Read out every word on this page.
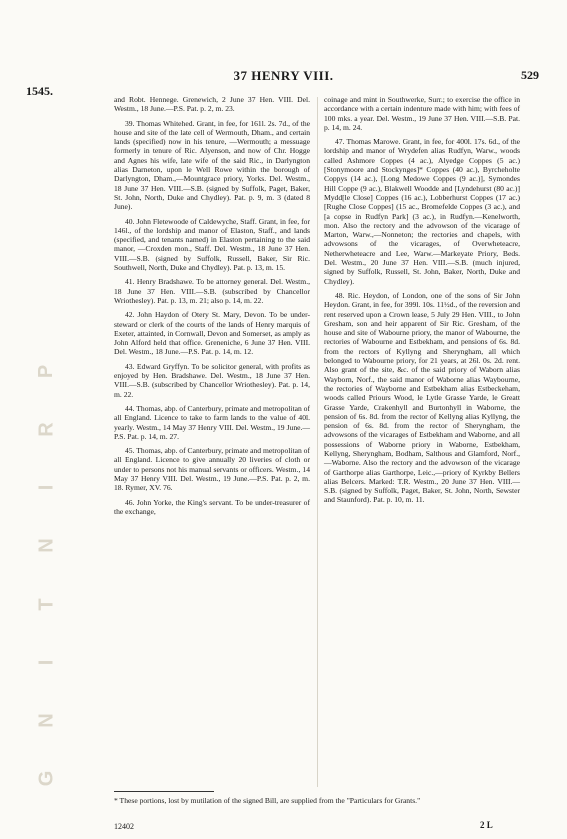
37 HENRY VIII.	529
1545.
P
R
I
N
T
I
N
G

and Robt. Hennege. Grenewich, 2 June 37 Hen. VIII. Del. Westm., 18 June.—P.S. Pat. p. 2, m. 23.

39. Thomas Whitehed. Grant, in fee, for 161l. 2s. 7d., of the house and site of the late cell of Wermouth, Dham., and certain lands (specified) now in his tenure, —Wermouth; a messuage formerly in tenure of Ric. Alyenson, and now of Chr. Hogge and Agnes his wife, late wife of the said Ric., in Darlyngton alias Darneton, upon le Well Rowe within the borough of Darlyngton, Dham.,—Mountgrace priory, Yorks. Del. Westm., 18 June 37 Hen. VIII.—S.B. (signed by Suffolk, Paget, Baker, St. John, North, Duke and Chydley). Pat. p. 9, m. 3 (dated 8 June).

40. John Fletewoode of Caldewyche, Staff. Grant, in fee, for 146l., of the lordship and manor of Elaston, Staff., and lands (specified, and tenants named) in Elaston pertaining to the said manor, —Croxden mon., Staff. Del. Westm., 18 June 37 Hen. VIII.—S.B. (signed by Suffolk, Russell, Baker, Sir Ric. Southwell, North, Duke and Chydley). Pat. p. 13, m. 15.

41. Henry Bradshawe. To be attorney general. Del. Westm., 18 June 37 Hen. VIII.—S.B. (subscribed by Chancellor Wriothesley). Pat. p. 13, m. 21; also p. 14, m. 22.

42. John Haydon of Otery St. Mary, Devon. To be under-steward or clerk of the courts of the lands of Henry marquis of Exeter, attainted, in Cornwall, Devon and Somerset, as amply as John Alford held that office. Greneniche, 6 June 37 Hen. VIII. Del. Westm., 18 June.—P.S. Pat. p. 14, m. 12.

43. Edward Gryffyn. To be solicitor general, with profits as enjoyed by Hen. Bradshawe. Del. Westm., 18 June 37 Hen. VIII.—S.B. (subscribed by Chancellor Wriothesley). Pat. p. 14, m. 22.

44. Thomas, abp. of Canterbury, primate and metropolitan of all England. Licence to take to farm lands to the value of 40l. yearly. Westm., 14 May 37 Henry VIII. Del. Westm., 19 June.—P.S. Pat. p. 14, m. 27.

45. Thomas, abp. of Canterbury, primate and metropolitan of all England. Licence to give annually 20 liveries of cloth or under to persons not his manual servants or officers. Westm., 14 May 37 Henry VIII. Del. Westm., 19 June.—P.S. Pat. p. 2, m. 18. Rymer, XV. 76.

46. John Yorke, the King's servant. To be under-treasurer of the exchange,

coinage and mint in Southwerke, Surr.; to exercise the office in accordance with a certain indenture made with him; with fees of 100 mks. a year. Del. Westm., 19 June 37 Hen. VIII.—S.B. Pat. p. 14, m. 24.

47. Thomas Marowe. Grant, in fee, for 400l. 17s. 6d., of the lordship and manor of Wrydefen alias Rudfyn, Warw., woods called Ashmore Coppes (4 ac.), Alyedge Coppes (5 ac.) [Stonymoore and Stockynges]* Coppes (40 ac.), Byrcheholte Coppys (14 ac.), [Long Medowe Coppes (9 ac.)], Symondes Hill Coppe (9 ac.), Blakwell Woodde and [Lyndehurst (80 ac.)] Mydd[le Close] Coppes (16 ac.), Lobberhurst Coppes (17 ac.)[Rughe Close Coppes] (15 ac., Bromefelde Coppes (3 ac.), and [a copse in Rudfyn Park] (3 ac.), in Rudfyn.—Kenelworth, mon. Also the rectory and the advowson of the vicarage of Marton, Warw.,—Nonneton; the rectories and chapels, with advowsons of the vicarages, of Overwheteacre, Netherwheteacre and Lee, Warw.—Markeyate Priory, Beds. Del. Westm., 20 June 37 Hen. VIII.—S.B. (much injured, signed by Suffolk, Russell, St. John, Baker, North, Duke and Chydley).

48. Ric. Heydon, of London, one of the sons of Sir John Heydon. Grant, in fee, for 399l. 10s. 11½d., of the reversion and rent reserved upon a Crown lease, 5 July 29 Hen. VIII., to John Gresham, son and heir apparent of Sir Ric. Gresham, of the house and site of Wabourne priory, the manor of Wabourne, the rectories of Wabourne and Estbekham, and pensions of 6s. 8d. from the rectors of Kyllyng and Sheryngham, all which belonged to Wabourne priory, for 21 years, at 26l. 0s. 2d. rent. Also grant of the site, &c. of the said priory of Waborn alias Wayborn, Norf., the said manor of Waborne alias Waybourne, the rectories of Wayborne and Estbekham alias Estbeckeham, woods called Priours Wood, le Lytle Grasse Yarde, le Greatt Grasse Yarde, Crakenhyll and Burtonhyll in Waborne, the pension of 6s. 8d. from the rector of Kellyng alias Kyllyng, the pension of 6s. 8d. from the rector of Sheryngham, the advowsons of the vicarages of Estbekham and Waborne, and all possessions of Waborne priory in Waborne, Estbekham, Kellyng, Sheryngham, Bodham, Salthous and Glamford, Norf.,—Waborne. Also the rectory and the advowson of the vicarage of Garthorpe alias Garthorpe, Leic.,—priory of Kyrkby Bellers alias Belcers. Marked: T.R. Westm., 20 June 37 Hen. VIII.—S.B. (signed by Suffolk, Paget, Baker, St. John, North, Sewster and Staunford). Pat. p. 10, m. 11.

* These portions, lost by mutilation of the signed Bill, are supplied from the "Particulars for Grants."
12402	2 L
